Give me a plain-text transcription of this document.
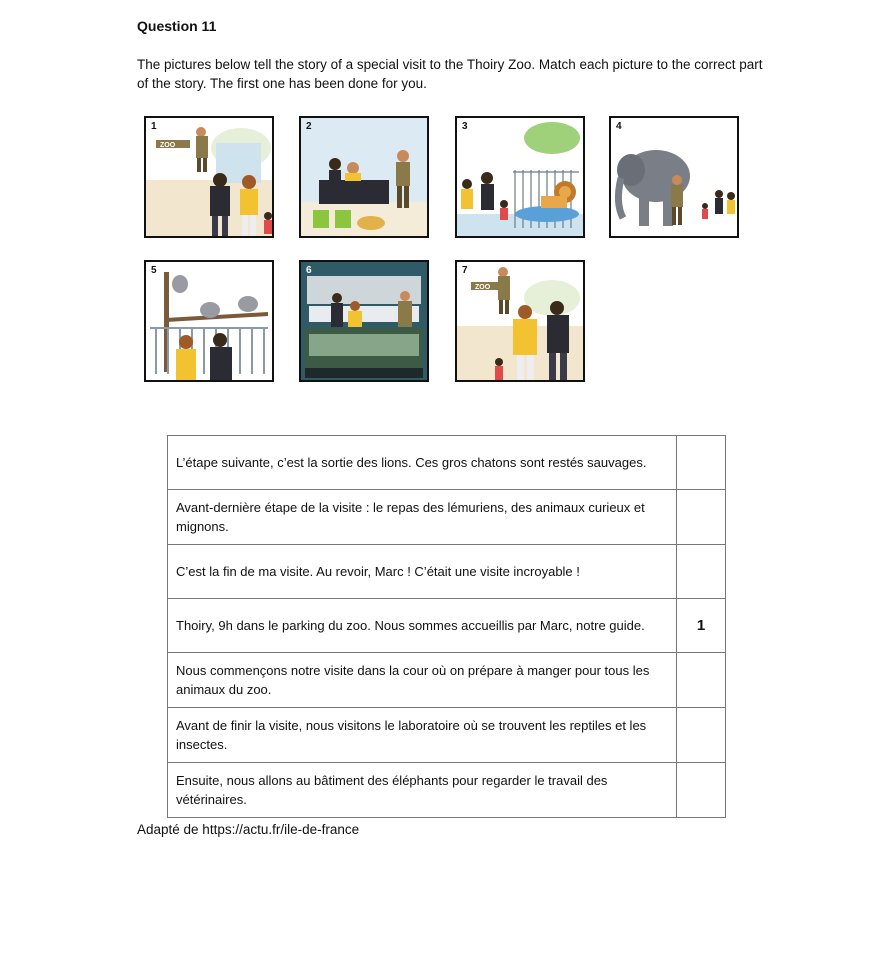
Question 11
The pictures below tell the story of a special visit to the Thoiry Zoo. Match each picture to the correct part of the story. The first one has been done for you.
1
ZOO
2	3	4
5	6	7
ZOO
L’étape suivante, c’est la sortie des lions. Ces gros chatons sont restés sauvages.	
Avant-dernière étape de la visite : le repas des lémuriens, des animaux curieux et mignons.	
C’est la fin de ma visite. Au revoir, Marc ! C’était une visite incroyable !	
Thoiry, 9h dans le parking du zoo. Nous sommes accueillis par Marc, notre guide.	1
Nous commençons notre visite dans la cour où on prépare à manger pour tous les animaux du zoo.	
Avant de finir la visite, nous visitons le laboratoire où se trouvent les reptiles et les insectes.	
Ensuite, nous allons au bâtiment des éléphants pour regarder le travail des vétérinaires.	
Adapté de https://actu.fr/ile-de-france
